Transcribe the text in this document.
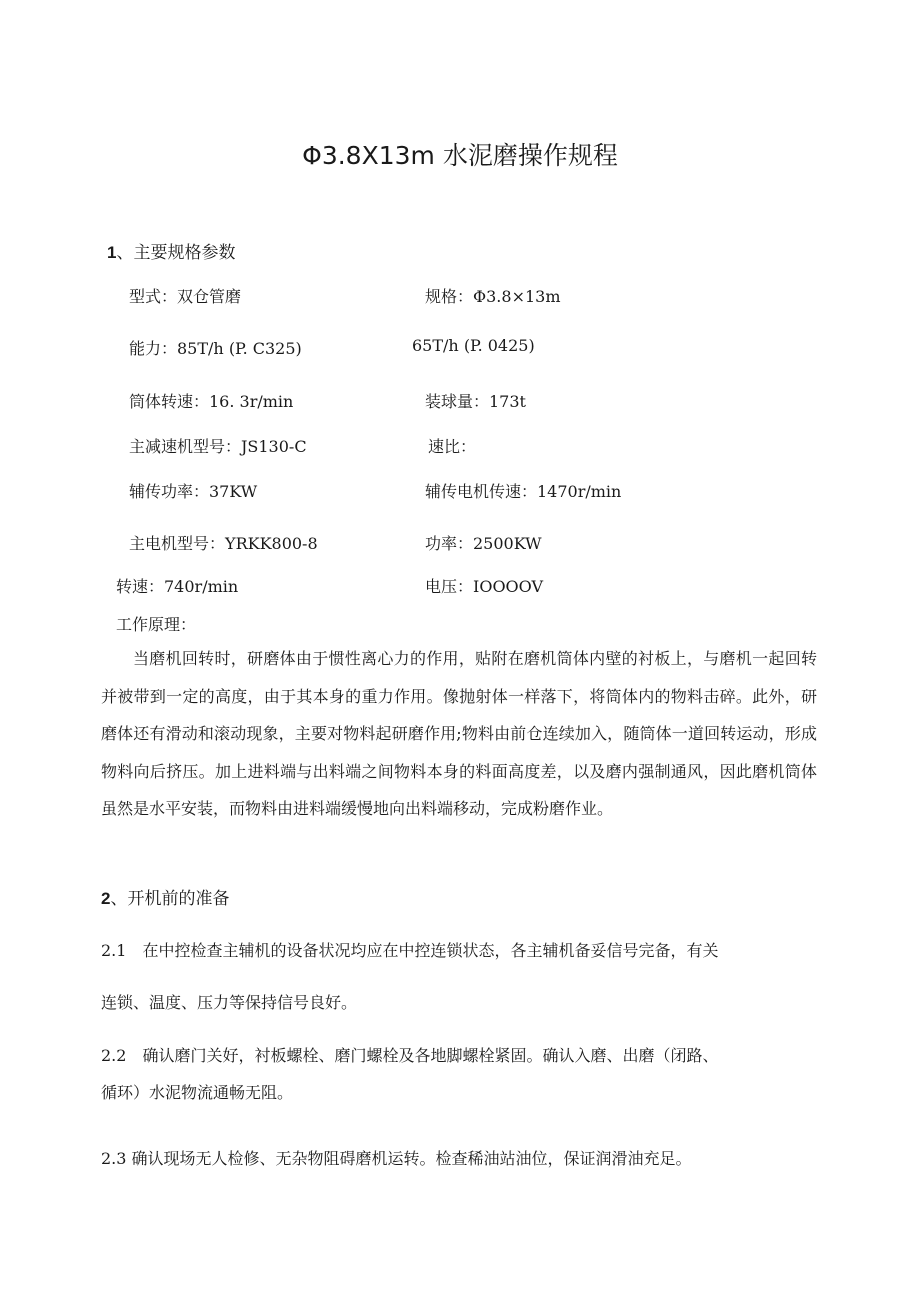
Φ3.8X13m 水泥磨操作规程
1、主要规格参数
型式：双仓管磨	规格：Φ3.8×13m
能力：85T/h (P. C325)	65T/h (P. 0425)
筒体转速：16. 3r/min	装球量：173t
主减速机型号：JS130-C	速比：
辅传功率：37KW	辅传电机传速：1470r/min
主电机型号：YRKK800-8	功率：2500KW
转速：740r/min	电压：IOOOOV
工作原理：
当磨机回转时，研磨体由于惯性离心力的作用，贴附在磨机筒体内壁的衬板上，与磨机一起回转并被带到一定的高度，由于其本身的重力作用。像抛射体一样落下，将筒体内的物料击碎。此外，研磨体还有滑动和滚动现象，主要对物料起研磨作用;物料由前仓连续加入，随筒体一道回转运动，形成物料向后挤压。加上进料端与出料端之间物料本身的料面高度差，以及磨内强制通风，因此磨机筒体虽然是水平安装，而物料由进料端缓慢地向出料端移动，完成粉磨作业。
2、开机前的准备
2.1　在中控检查主辅机的设备状况均应在中控连锁状态，各主辅机备妥信号完备，有关
连锁、温度、压力等保持信号良好。
2.2　确认磨门关好，衬板螺栓、磨门螺栓及各地脚螺栓紧固。确认入磨、出磨（闭路、
循环）水泥物流通畅无阻。
2.3 确认现场无人检修、无杂物阻碍磨机运转。检查稀油站油位，保证润滑油充足。
